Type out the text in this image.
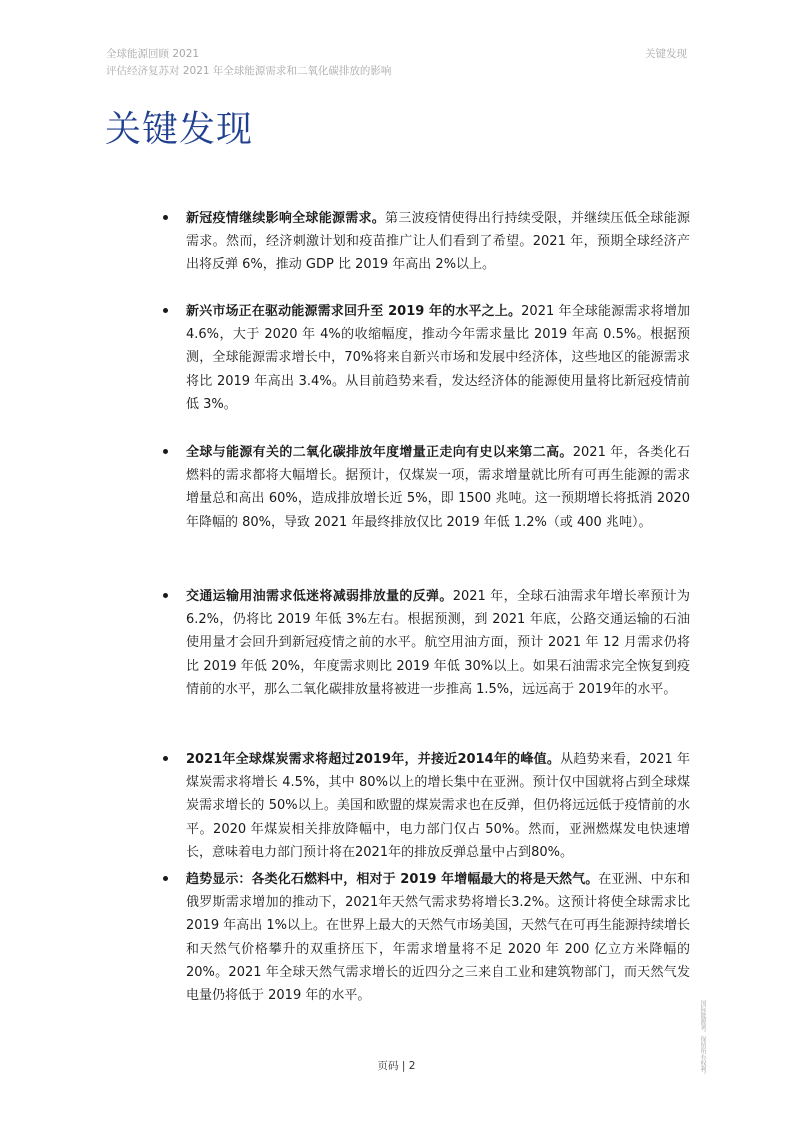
全球能源回顾 2021
评估经济复苏对 2021 年全球能源需求和二氧化碳排放的影响
关键发现
关键发现
新冠疫情继续影响全球能源需求。第三波疫情使得出行持续受限，并继续压低全球能源需求。然而，经济刺激计划和疫苗推广让人们看到了希望。2021 年，预期全球经济产出将反弹 6%，推动 GDP 比 2019 年高出 2%以上。
新兴市场正在驱动能源需求回升至 2019 年的水平之上。2021 年全球能源需求将增加 4.6%，大于 2020 年 4%的收缩幅度，推动今年需求量比 2019 年高 0.5%。根据预测，全球能源需求增长中，70%将来自新兴市场和发展中经济体，这些地区的能源需求将比 2019 年高出 3.4%。从目前趋势来看，发达经济体的能源使用量将比新冠疫情前低 3%。
全球与能源有关的二氧化碳排放年度增量正走向有史以来第二高。2021 年，各类化石燃料的需求都将大幅增长。据预计，仅煤炭一项，需求增量就比所有可再生能源的需求增量总和高出 60%，造成排放增长近 5%，即 1500 兆吨。这一预期增长将抵消 2020 年降幅的 80%，导致 2021 年最终排放仅比 2019 年低 1.2%（或 400 兆吨）。
交通运输用油需求低迷将减弱排放量的反弹。2021 年，全球石油需求年增长率预计为 6.2%，仍将比 2019 年低 3%左右。根据预测，到 2021 年底，公路交通运输的石油使用量才会回升到新冠疫情之前的水平。航空用油方面，预计 2021 年 12 月需求仍将比 2019 年低 20%，年度需求则比 2019 年低 30%以上。如果石油需求完全恢复到疫情前的水平，那么二氧化碳排放量将被进一步推高 1.5%，远远高于 2019年的水平。
2021年全球煤炭需求将超过2019年，并接近2014年的峰值。从趋势来看，2021 年煤炭需求将增长 4.5%，其中 80%以上的增长集中在亚洲。预计仅中国就将占到全球煤炭需求增长的 50%以上。美国和欧盟的煤炭需求也在反弹，但仍将远远低于疫情前的水平。2020 年煤炭相关排放降幅中，电力部门仅占 50%。然而，亚洲燃煤发电快速增长，意味着电力部门预计将在2021年的排放反弹总量中占到80%。
趋势显示：各类化石燃料中，相对于 2019 年增幅最大的将是天然气。在亚洲、中东和俄罗斯需求增加的推动下，2021年天然气需求势将增长3.2%。这预计将使全球需求比 2019 年高出 1%以上。在世界上最大的天然气市场美国，天然气在可再生能源持续增长和天然气价格攀升的双重挤压下，年需求增量将不足 2020 年 200 亿立方米降幅的 20%。2021 年全球天然气需求增长的近四分之三来自工业和建筑物部门，而天然气发电量仍将低于 2019 年的水平。
页码 | 2	国际能源署。保留所有权利。
